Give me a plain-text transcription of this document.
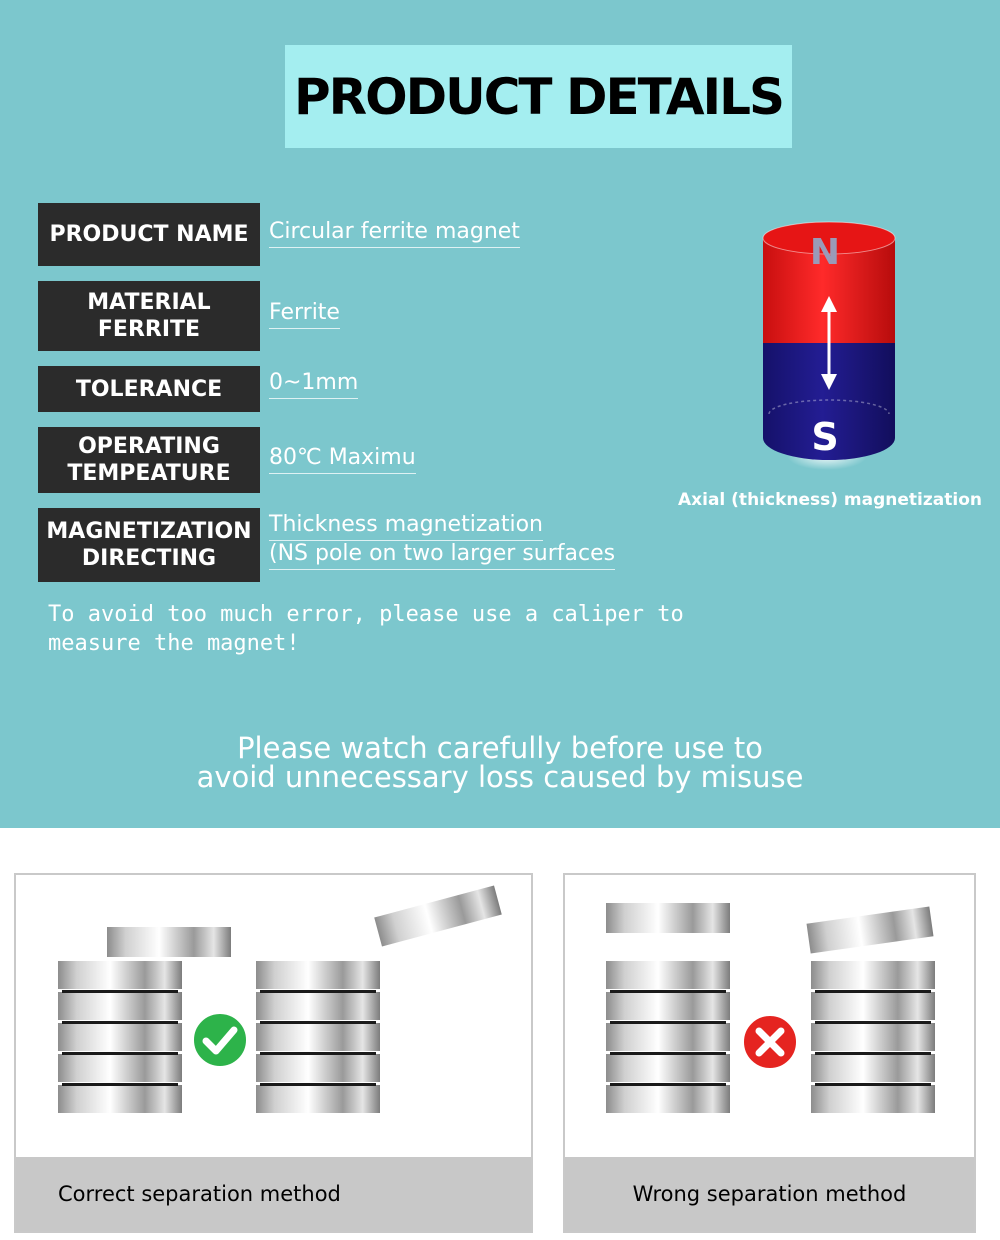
PRODUCT DETAILS
PRODUCT NAME Circular ferrite magnet
MATERIAL FERRITE
Ferrite
TOLERANCE	0~1mm
OPERATING TEMPEATURE
80℃ Maximu
MAGNETIZATION DIRECTING
Thickness magnetization
(NS pole on two larger surfaces
N
S
Axial (thickness) magnetization
To avoid too much error, please use a caliper to measure the magnet!
Please watch carefully before use to
avoid unnecessary loss caused by misuse
Correct separation method	Wrong separation method
